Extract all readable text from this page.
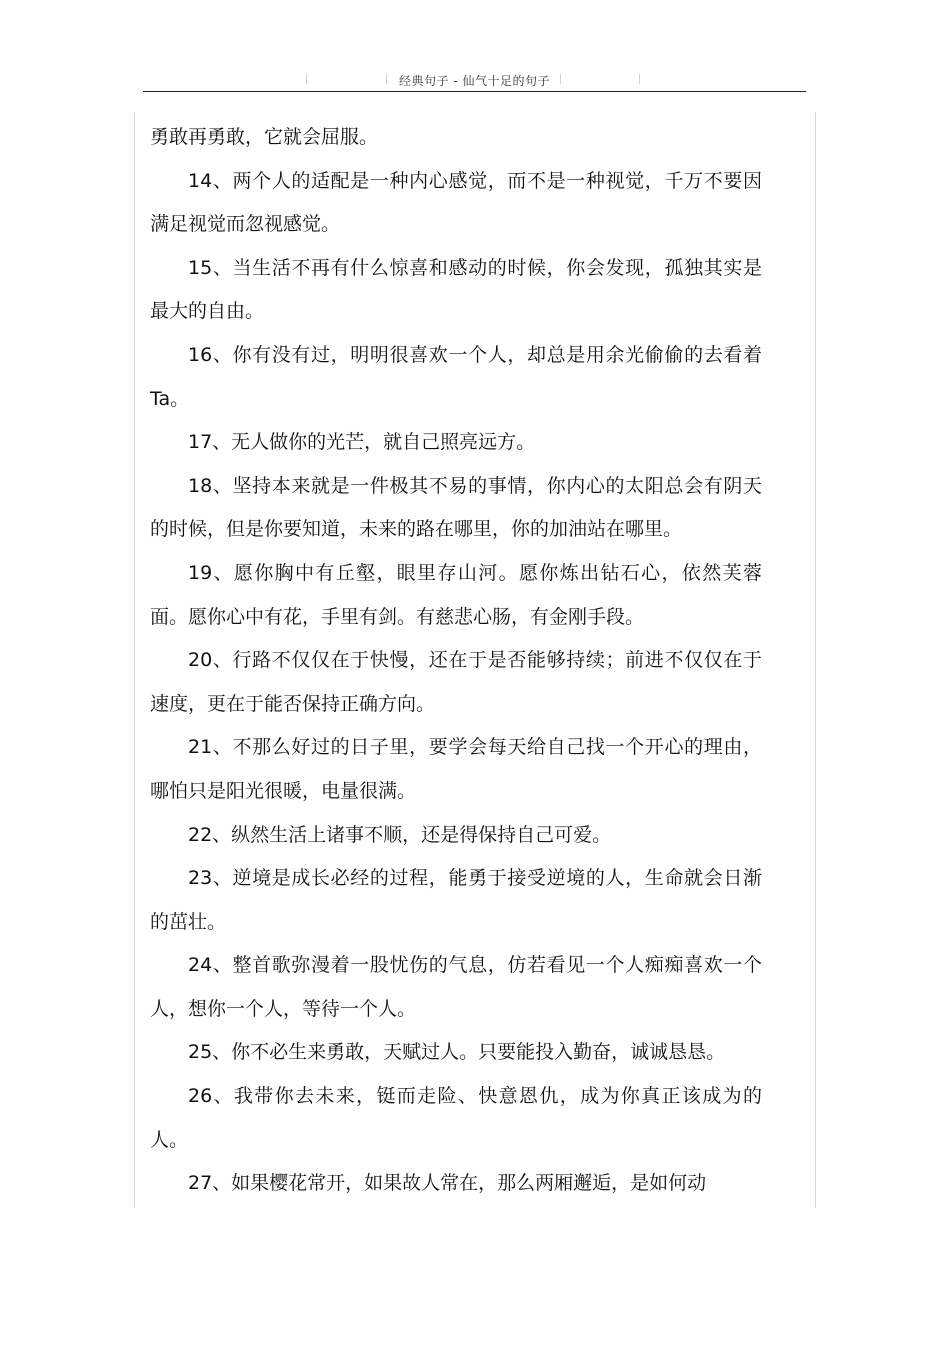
经典句子 - 仙气十足的句子

勇敢再勇敢，它就会屈服。

14、两个人的适配是一种内心感觉，而不是一种视觉，千万不要因满足视觉而忽视感觉。

15、当生活不再有什么惊喜和感动的时候，你会发现，孤独其实是最大的自由。

16、你有没有过，明明很喜欢一个人，却总是用余光偷偷的去看着 Ta。

17、无人做你的光芒，就自己照亮远方。

18、坚持本来就是一件极其不易的事情，你内心的太阳总会有阴天的时候，但是你要知道，未来的路在哪里，你的加油站在哪里。

19、愿你胸中有丘壑，眼里存山河。愿你炼出钻石心，依然芙蓉面。愿你心中有花，手里有剑。有慈悲心肠，有金刚手段。

20、行路不仅仅在于快慢，还在于是否能够持续；前进不仅仅在于速度，更在于能否保持正确方向。

21、不那么好过的日子里，要学会每天给自己找一个开心的理由，哪怕只是阳光很暖，电量很满。

22、纵然生活上诸事不顺，还是得保持自己可爱。

23、逆境是成长必经的过程，能勇于接受逆境的人，生命就会日渐的茁壮。

24、整首歌弥漫着一股忧伤的气息，仿若看见一个人痴痴喜欢一个人，想你一个人，等待一个人。

25、你不必生来勇敢，天赋过人。只要能投入勤奋，诚诚恳恳。

26、我带你去未来，铤而走险、快意恩仇，成为你真正该成为的人。

27、如果樱花常开，如果故人常在，那么两厢邂逅，是如何动
